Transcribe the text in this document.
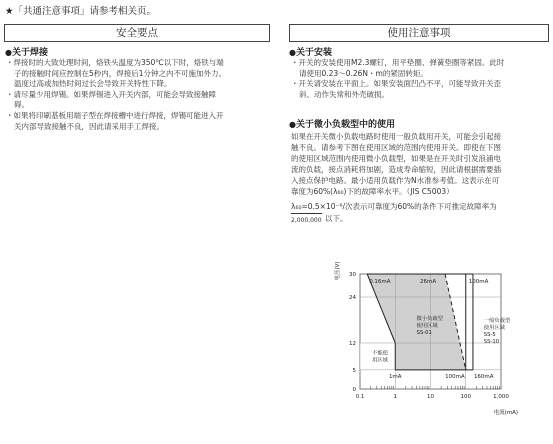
★「共通注意事項」请参考相关页。
安全要点	使用注意事项
●关于焊接
・ 焊接时的大致处理时间，烙铁头温度为350℃以下时，烙铁与端
子的接触时间应控制在5秒内，焊接后1分钟之内不可施加外力。
温度过高或加热时间过长会导致开关特性下降。
・ 请尽量少用焊锡。如果焊锡进入开关内部，可能会导致接触障
碍。
・ 如果将印刷基板用端子型在焊接槽中进行焊接，焊锡可能进入开
关内部导致接触不良，因此请采用手工焊接。
●关于安装
・ 开关的安装使用M2.3螺钉，用平垫圈、弹簧垫圈等紧固。此时
请使用0.23～0.26N・m的紧固转矩。
・ 开关请安装在平面上。如果安装面凹凸不平，可能导致开关歪
斜、动作失常和外壳破损。
●关于微小负载型中的使用
如果在开关微小负载电路时使用一般负载用开关，可能会引起接
触不良。请参考下图在使用区域的范围内使用开关。即使在下图
的使用区域范围内使用微小负载型，如果是在开关时引发浪涌电
流的负载，接点消耗将加剧，造成寿命缩短，因此请根据需要插
入接点保护电路。最小适用负载作为N水准参考值。这表示在可
靠度为60%(λ₆₀)下的故障率水平。（JIS C5003）
λ₆₀=0.5×10⁻⁶/次表示可靠度为60%的条件下可推定故障率为
2,000,000 以下。
0
5
12
24
30
0.1	1	10	100	1,000
电流(mA)
电压(V)
0.16mA	26mA	100mA
1mA	100mA 160mA
微小负载型
使用区域
SS-01
一般负载型
使用区域
SS-5
SS-10
不能使
用区域
